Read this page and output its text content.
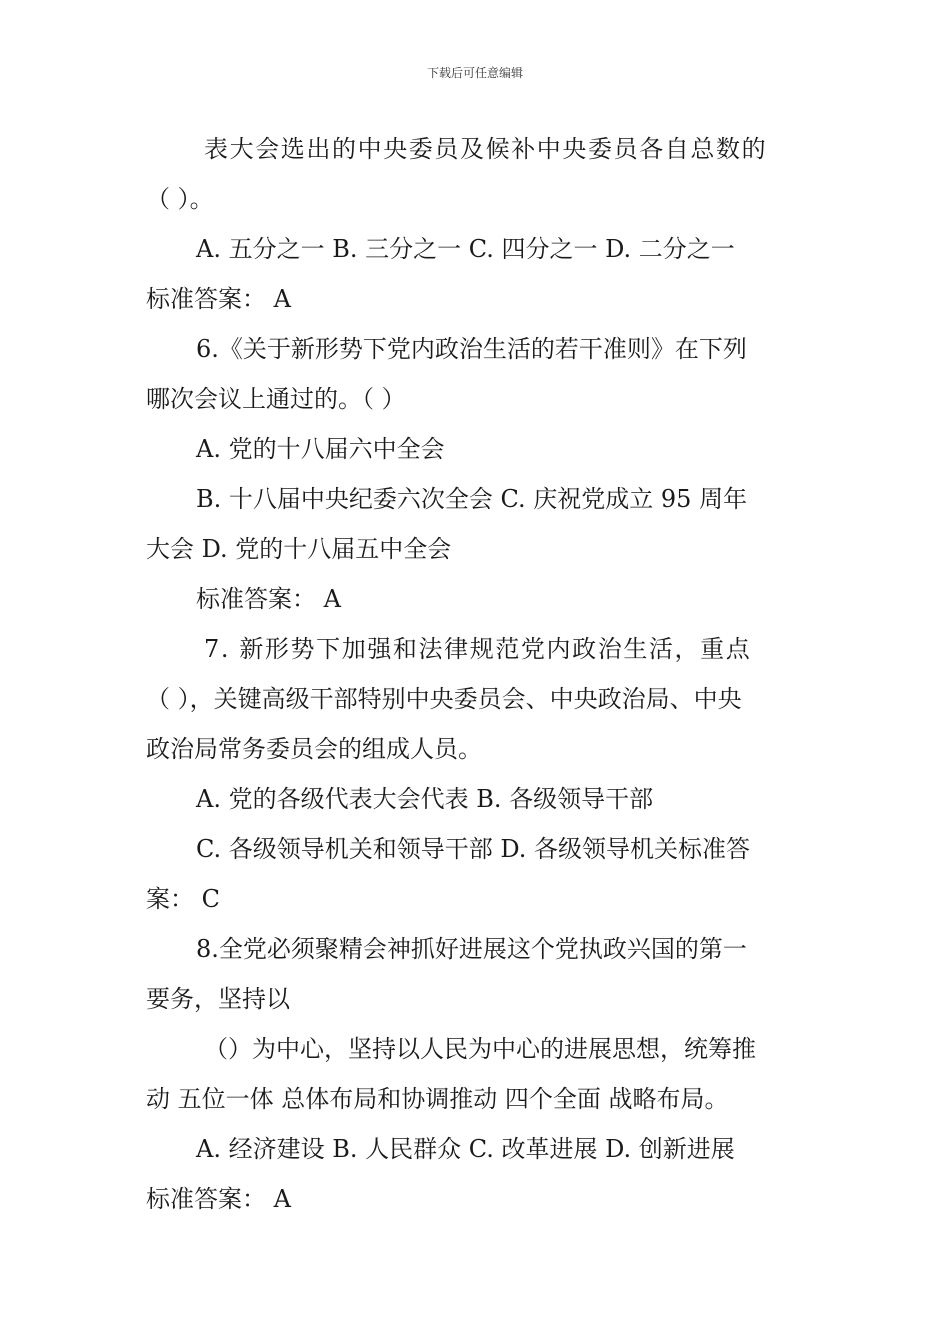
下载后可任意编辑
表大会选出的中央委员及候补中央委员各自总数的
（ ）。
A. 五分之一 B. 三分之一 C. 四分之一 D. 二分之一
标准答案： A
6.《关于新形势下党内政治生活的若干准则》在下列
哪次会议上通过的。（ ）
A. 党的十八届六中全会
B. 十八届中央纪委六次全会 C. 庆祝党成立 95 周年
大会 D. 党的十八届五中全会
标准答案： A
7. 新形势下加强和法律规范党内政治生活，重点
（ ），关键高级干部特别中央委员会、中央政治局、中央
政治局常务委员会的组成人员。
A. 党的各级代表大会代表 B. 各级领导干部
C. 各级领导机关和领导干部 D. 各级领导机关标准答
案： C
8.全党必须聚精会神抓好进展这个党执政兴国的第一
要务，坚持以
（）为中心，坚持以人民为中心的进展思想，统筹推
动 五位一体 总体布局和协调推动 四个全面 战略布局。
A. 经济建设 B. 人民群众 C. 改革进展 D. 创新进展
标准答案： A
